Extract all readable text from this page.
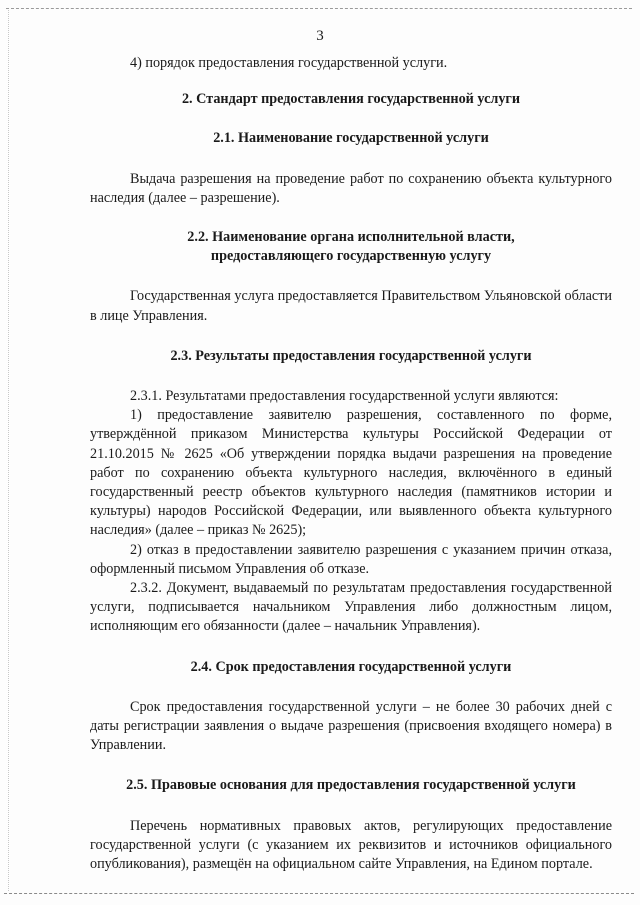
3

4) порядок предоставления государственной услуги.

2. Стандарт предоставления государственной услуги
2.1. Наименование государственной услуги

Выдача разрешения на проведение работ по сохранению объекта культурного наследия (далее – разрешение).

2.2. Наименование органа исполнительной власти,
предоставляющего государственную услугу

Государственная услуга предоставляется Правительством Ульяновской области в лице Управления.

2.3. Результаты предоставления государственной услуги

2.3.1. Результатами предоставления государственной услуги являются:

1) предоставление заявителю разрешения, составленного по форме, утверждённой приказом Министерства культуры Российской Федерации от 21.10.2015 № 2625 «Об утверждении порядка выдачи разрешения на проведение работ по сохранению объекта культурного наследия, включённого в единый государственный реестр объектов культурного наследия (памятников истории и культуры) народов Российской Федерации, или выявленного объекта культурного наследия» (далее – приказ № 2625);

2) отказ в предоставлении заявителю разрешения с указанием причин отказа, оформленный письмом Управления об отказе.

2.3.2. Документ, выдаваемый по результатам предоставления государственной услуги, подписывается начальником Управления либо должностным лицом, исполняющим его обязанности (далее – начальник Управления).

2.4. Срок предоставления государственной услуги

Срок предоставления государственной услуги – не более 30 рабочих дней с даты регистрации заявления о выдаче разрешения (присвоения входящего номера) в Управлении.

2.5. Правовые основания для предоставления государственной услуги

Перечень нормативных правовых актов, регулирующих предоставление государственной услуги (с указанием их реквизитов и источников официального опубликования), размещён на официальном сайте Управления, на Едином портале.
